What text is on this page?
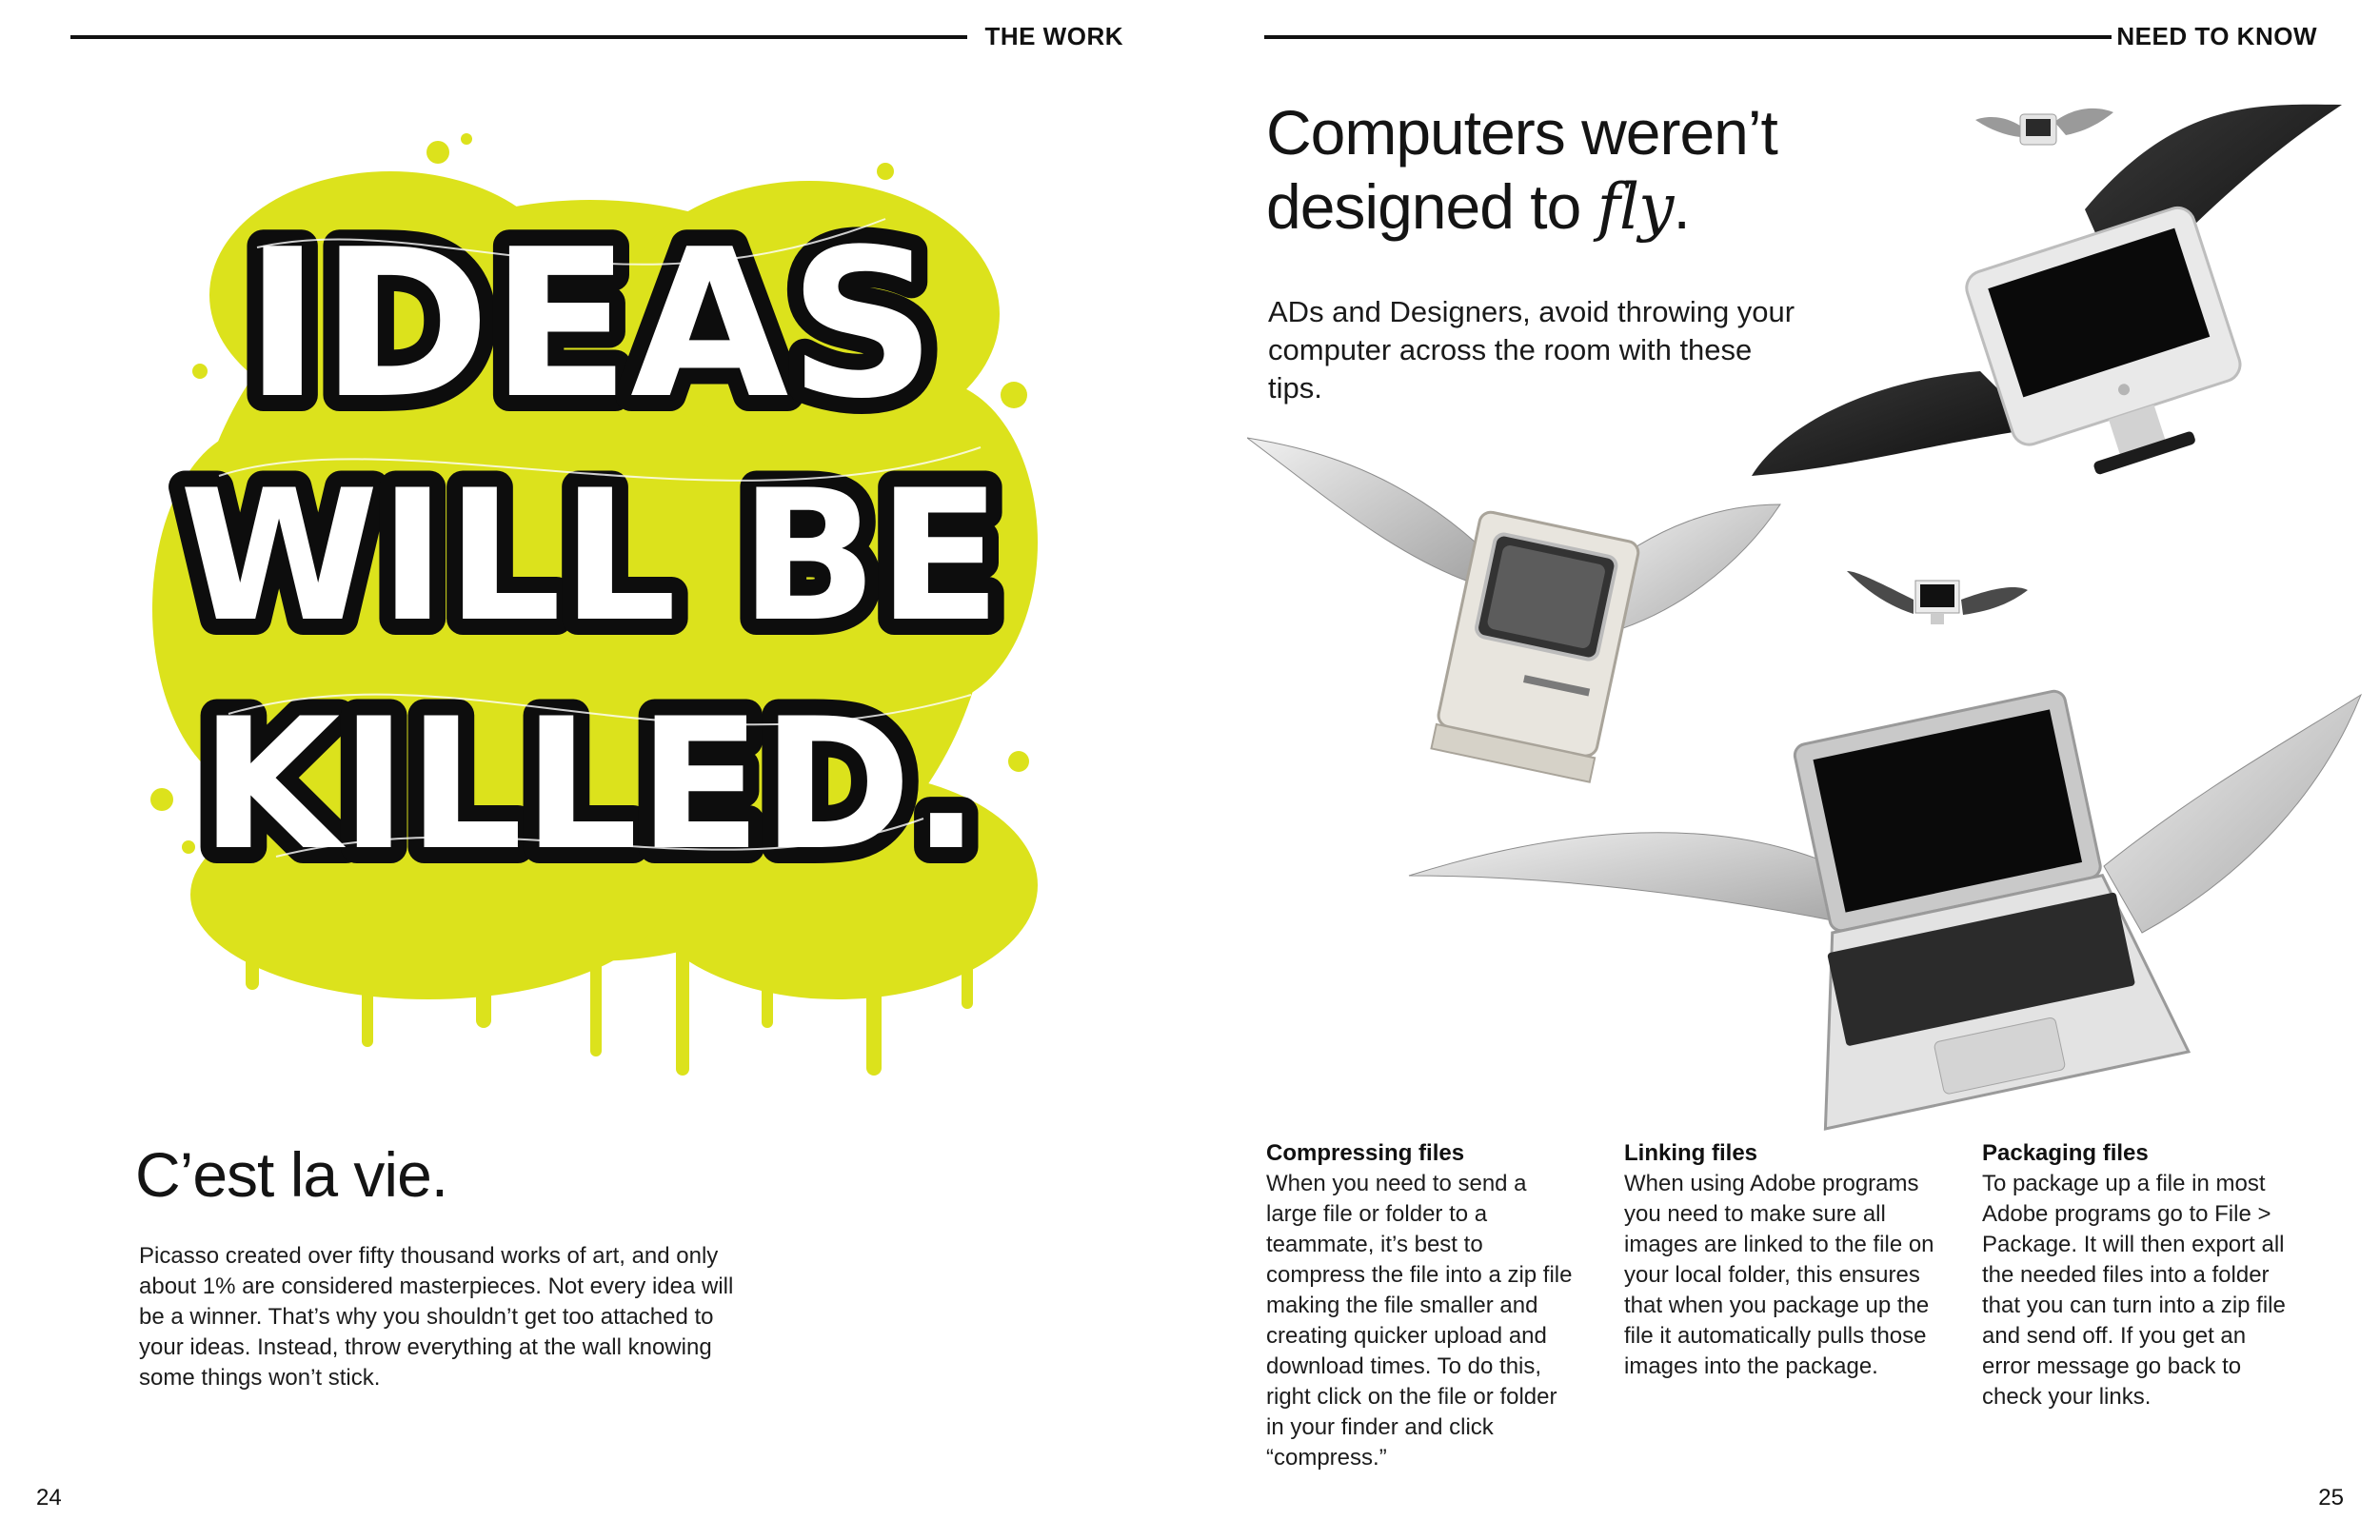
THE WORK
IDEAS
WILL BE
KILLED.
C’est la vie.

Picasso created over fifty thousand works of art, and only about 1% are considered masterpieces. Not every idea will be a winner. That’s why you shouldn’t get too attached to your ideas. Instead, throw everything at the wall knowing some things won’t stick.

24
NEED TO KNOW
Computers weren’t designed to fly.

ADs and Designers, avoid throwing your computer across the room with these tips.

Compressing files

When you need to send a large file or folder to a teammate, it’s best to compress the file into a zip file making the file smaller and creating quicker upload and download times. To do this, right click on the file or folder in your finder and click “compress.”

Linking files

When using Adobe programs you need to make sure all images are linked to the file on your local folder, this ensures that when you package up the file it automatically pulls those images into the package.

Packaging files

To package up a file in most Adobe programs go to File > Package. It will then export all the needed files into a folder that you can turn into a zip file and send off. If you get an error message go back to check your links.

25
